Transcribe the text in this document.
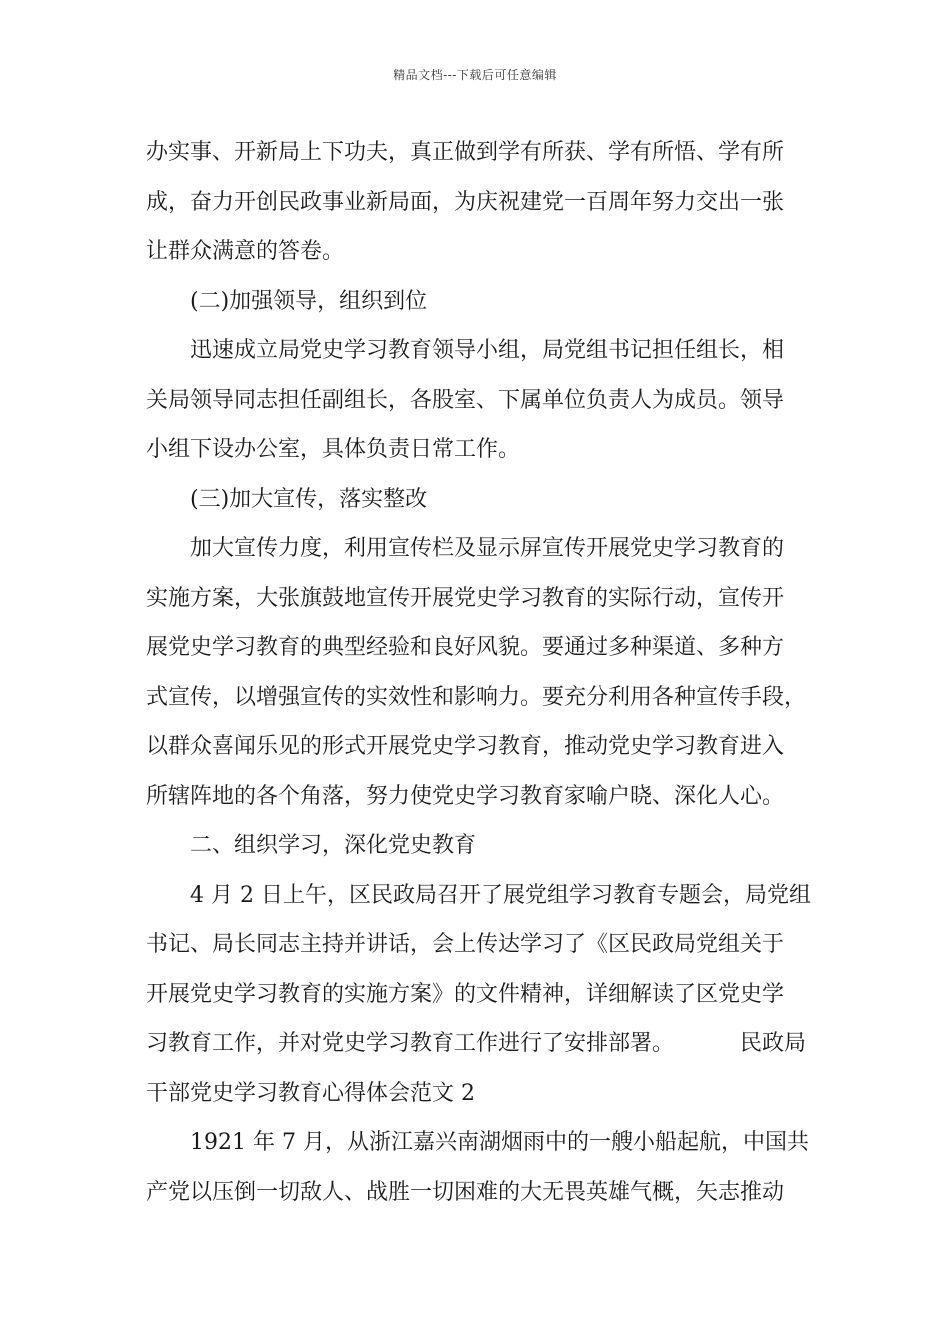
精品文档---下载后可任意编辑
办实事、开新局上下功夫，真正做到学有所获、学有所悟、学有所
成，奋力开创民政事业新局面，为庆祝建党一百周年努力交出一张
让群众满意的答卷。
(二)加强领导，组织到位
迅速成立局党史学习教育领导小组，局党组书记担任组长，相
关局领导同志担任副组长，各股室、下属单位负责人为成员。领导
小组下设办公室，具体负责日常工作。
(三)加大宣传，落实整改
加大宣传力度，利用宣传栏及显示屏宣传开展党史学习教育的
实施方案，大张旗鼓地宣传开展党史学习教育的实际行动，宣传开
展党史学习教育的典型经验和良好风貌。要通过多种渠道、多种方
式宣传，以增强宣传的实效性和影响力。要充分利用各种宣传手段，
以群众喜闻乐见的形式开展党史学习教育，推动党史学习教育进入
所辖阵地的各个角落，努力使党史学习教育家喻户晓、深化人心。
二、组织学习，深化党史教育
4 月 2 日上午，区民政局召开了展党组学习教育专题会，局党组
书记、局长同志主持并讲话，会上传达学习了《区民政局党组关于
开展党史学习教育的实施方案》的文件精神，详细解读了区党史学
习教育工作，并对党史学习教育工作进行了安排部署。	民政局
干部党史学习教育心得体会范文 2
1921 年 7 月，从浙江嘉兴南湖烟雨中的一艘小船起航，中国共
产党以压倒一切敌人、战胜一切困难的大无畏英雄气概，矢志推动
